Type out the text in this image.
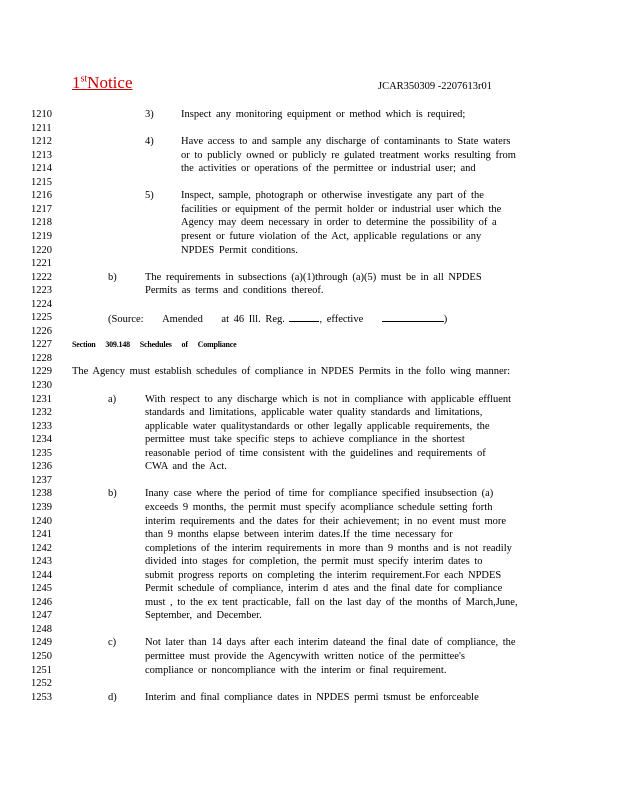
1stNotice	JCAR350309 -2207613r01
1210	3)	Inspect any monitoring equipment or method which is required;
1211
1212	4)	Have access to and sample any discharge of contaminants to State waters
1213	or to publicly owned or publicly re gulated treatment works resulting from
1214	the activities or operations of the permittee or industrial user; and
1215
1216	5)	Inspect, sample, photograph or otherwise investigate any part of the
1217	facilities or equipment of the permit holder or industrial user which the
1218	Agency may deem necessary in order to determine the possibility of a
1219	present or future violation of the Act, applicable regulations or any
1220	NPDES Permit conditions.
1221
1222	b)	The requirements in subsections (a)(1)through (a)(5) must be in all NPDES
1223	Permits as terms and conditions thereof.
1224
1225	(Source: Amended at 46 Ill. Reg.	, effective	)
1226
1227	Section 309.148 Schedules of Compliance
1228
1229	The Agency must establish schedules of compliance in NPDES Permits in the follo wing manner:
1230
1231	a)	With respect to any discharge which is not in compliance with applicable effluent
1232	standards and limitations, applicable water quality standards and limitations,
1233	applicable water qualitystandards or other legally applicable requirements, the
1234	permittee must take specific steps to achieve compliance in the shortest
1235	reasonable period of time consistent with the guidelines and requirements of
1236	CWA and the Act.
1237
1238	b)	Inany case where the period of time for compliance specified insubsection (a)
1239	exceeds 9 months, the permit must specify acompliance schedule setting forth
1240	interim requirements and the dates for their achievement; in no event must more
1241	than 9 months elapse between interim dates.If the time necessary for
1242	completions of the interim requirements in more than 9 months and is not readily
1243	divided into stages for completion, the permit must specify interim dates to
1244	submit progress reports on completing the interim requirement.For each NPDES
1245	Permit schedule of compliance, interim d ates and the final date for compliance
1246	must , to the ex tent practicable, fall on the last day of the months of March,June,
1247	September, and December.
1248
1249	c)	Not later than 14 days after each interim dateand the final date of compliance, the
1250	permittee must provide the Agencywith written notice of the permittee's
1251	compliance or noncompliance with the interim or final requirement.
1252
1253	d)	Interim and final compliance dates in NPDES permi tsmust be enforceable
